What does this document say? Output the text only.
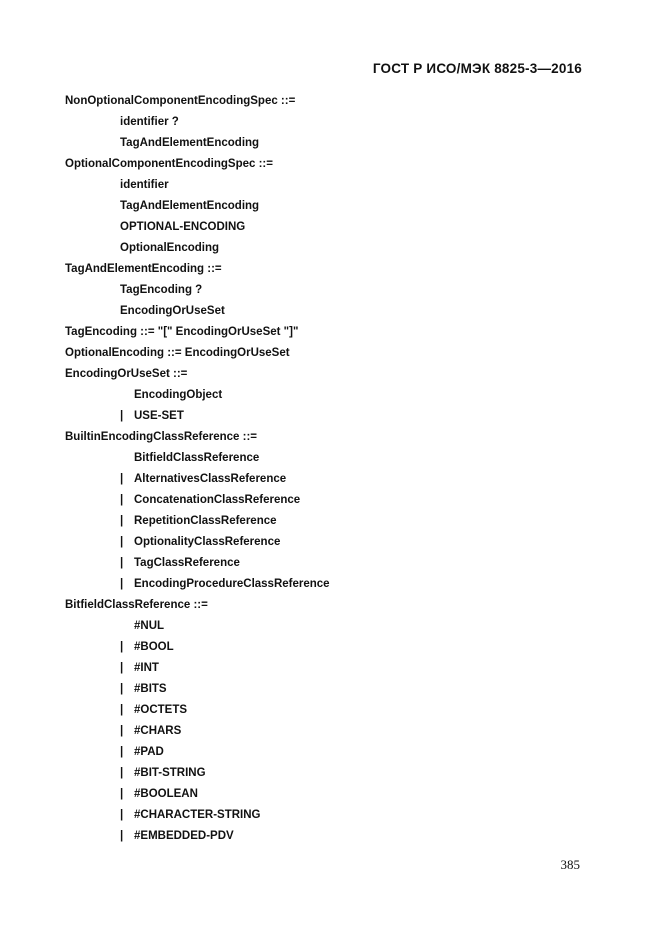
ГОСТ Р ИСО/МЭК 8825-3—2016
NonOptionalComponentEncodingSpec ::=
identifier ?
TagAndElementEncoding
OptionalComponentEncodingSpec ::=
identifier
TagAndElementEncoding
OPTIONAL-ENCODING
OptionalEncoding
TagAndElementEncoding ::=
TagEncoding ?
EncodingOrUseSet
TagEncoding ::= "[" EncodingOrUseSet "]"
OptionalEncoding ::= EncodingOrUseSet
EncodingOrUseSet ::=
EncodingObject
| USE-SET
BuiltinEncodingClassReference ::=
BitfieldClassReference
| AlternativesClassReference
| ConcatenationClassReference
| RepetitionClassReference
| OptionalityClassReference
| TagClassReference
| EncodingProcedureClassReference
BitfieldClassReference ::=
#NUL
| #BOOL
| #INT
| #BITS
| #OCTETS
| #CHARS
| #PAD
| #BIT-STRING
| #BOOLEAN
| #CHARACTER-STRING
| #EMBEDDED-PDV
385
